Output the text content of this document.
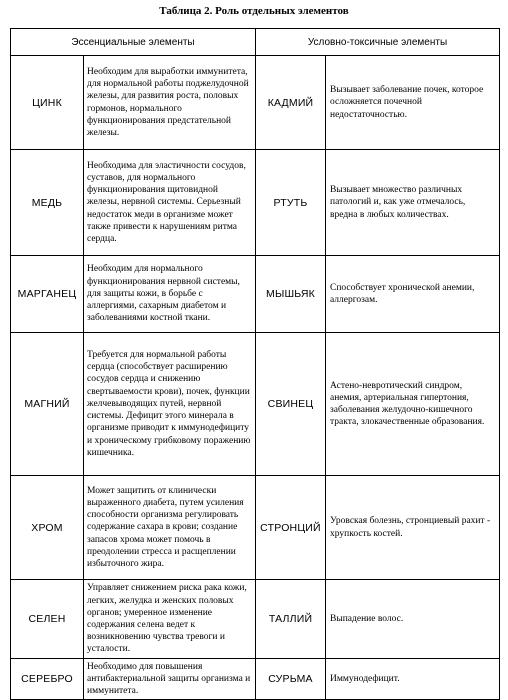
Таблица 2. Роль отдельных элементов
Эссенциальные элементы		Условно-токсичные элементы	
ЦИНК	Необходим для выработки иммунитета, для нормальной работы поджелудочной железы, для развития роста, половых гормонов, нормального функционирования предстательной железы.	КАДМИЙ	Вызывает заболевание почек, которое осложняется почечной недостаточностью.
МЕДЬ	Необходима для эластичности сосудов, суставов, для нормального функционирования щитовидной железы, нервной системы. Серьезный недостаток меди в организме может также привести к нарушениям ритма сердца.	РТУТЬ	Вызывает множество различных патологий и, как уже отмечалось, вредна в любых количествах.
МАРГАНЕЦ	Необходим для нормального функционирования нервной системы, для защиты кожи, в борьбе с аллергиями, сахарным диабетом и заболеваниями костной ткани.	МЫШЬЯК	Способствует хронической анемии, аллергозам.
МАГНИЙ	Требуется для нормальной работы сердца (способствует расширению сосудов сердца и снижению свертываемости крови), почек, функции желчевыводящих путей, нервной системы. Дефицит этого минерала в организме приводит к иммунодефициту и хроническому грибковому поражению кишечника.	СВИНЕЦ	Астено-невротический синдром, анемия, артериальная гипертония, заболевания желудочно-кишечного тракта, злокачественные образования.
ХРОМ	Может защитить от клинически выраженного диабета, путем усиления способности организма регулировать содержание сахара в крови; создание запасов хрома может помочь в преодолении стресса и расщеплении избыточного жира.	СТРОНЦИЙ	Уровская болезнь, стронциевый рахит - хрупкость костей.
СЕЛЕН	Управляет снижением риска рака кожи, легких, желудка и женских половых органов; умеренное изменение содержания селена ведет к возникновению чувства тревоги и усталости.	ТАЛЛИЙ	Выпадение волос.
СЕРЕБРО	Необходимо для повышения антибактериальной защиты организма и иммунитета.	СУРЬМА	Иммунодефицит.
